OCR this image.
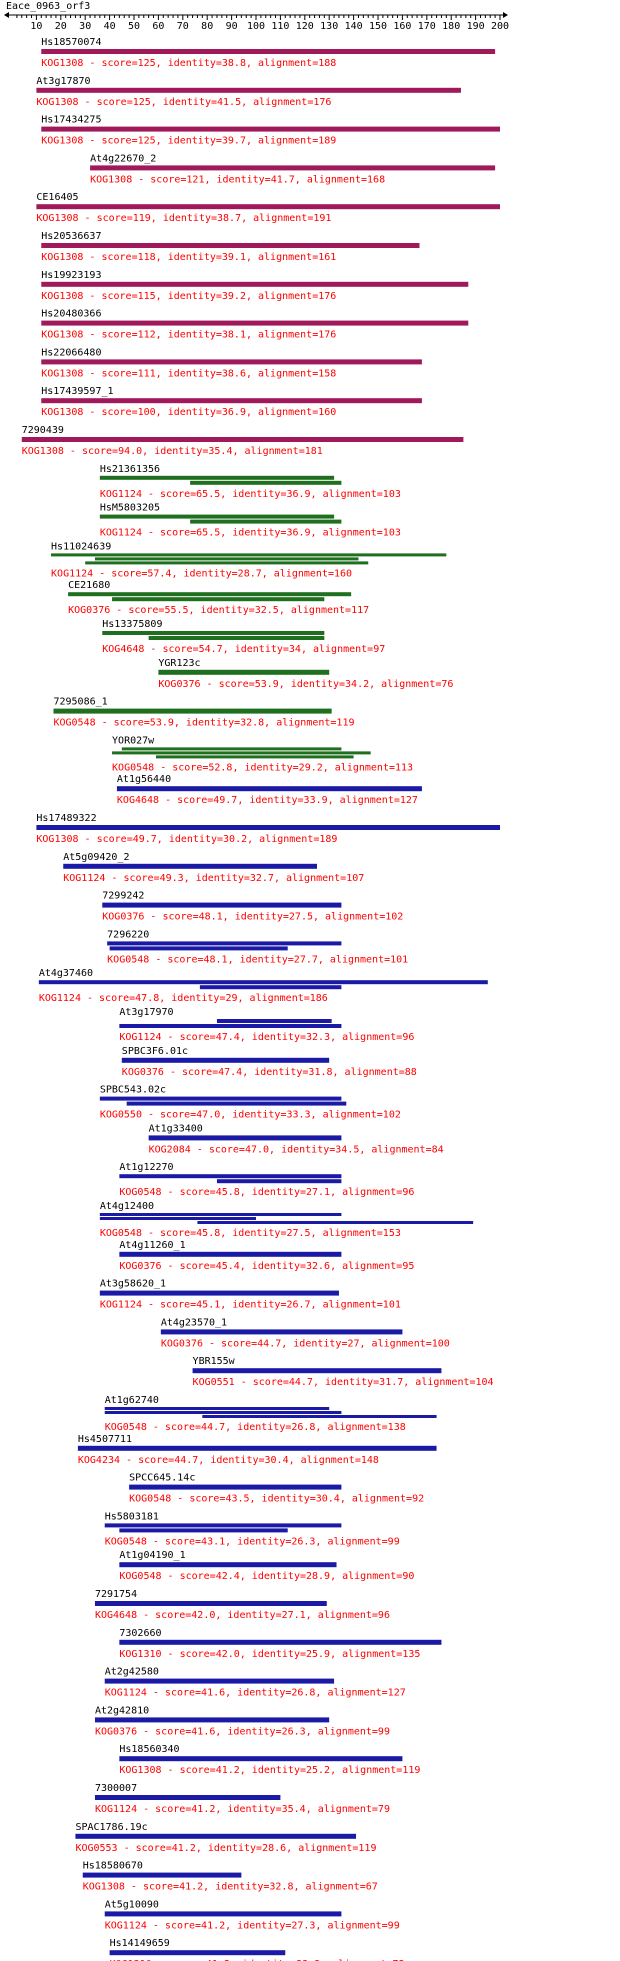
Eace_0963_orf3
10 20 30 40 50 60 70 80 90 100 110 120 130 140 150 160 170 180 190 200
Hs18570074
KOG1308 - score=125, identity=38.8, alignment=188
At3g17870
KOG1308 - score=125, identity=41.5, alignment=176
Hs17434275
KOG1308 - score=125, identity=39.7, alignment=189
At4g22670_2
KOG1308 - score=121, identity=41.7, alignment=168
CE16405
KOG1308 - score=119, identity=38.7, alignment=191
Hs20536637
KOG1308 - score=118, identity=39.1, alignment=161
Hs19923193
KOG1308 - score=115, identity=39.2, alignment=176
Hs20480366
KOG1308 - score=112, identity=38.1, alignment=176
Hs22066480
KOG1308 - score=111, identity=38.6, alignment=158
Hs17439597_1
KOG1308 - score=100, identity=36.9, alignment=160
7290439
KOG1308 - score=94.0, identity=35.4, alignment=181
Hs21361356
KOG1124 - score=65.5, identity=36.9, alignment=103
HsM5803205
KOG1124 - score=65.5, identity=36.9, alignment=103
Hs11024639
KOG1124 - score=57.4, identity=28.7, alignment=160
CE21680
KOG0376 - score=55.5, identity=32.5, alignment=117
Hs13375809
KOG4648 - score=54.7, identity=34, alignment=97
YGR123c
KOG0376 - score=53.9, identity=34.2, alignment=76
7295086_1
KOG0548 - score=53.9, identity=32.8, alignment=119
YOR027w
KOG0548 - score=52.8, identity=29.2, alignment=113
At1g56440
KOG4648 - score=49.7, identity=33.9, alignment=127
Hs17489322
KOG1308 - score=49.7, identity=30.2, alignment=189
At5g09420_2
KOG1124 - score=49.3, identity=32.7, alignment=107
7299242
KOG0376 - score=48.1, identity=27.5, alignment=102
7296220
KOG0548 - score=48.1, identity=27.7, alignment=101
At4g37460
KOG1124 - score=47.8, identity=29, alignment=186
At3g17970
KOG1124 - score=47.4, identity=32.3, alignment=96
SPBC3F6.01c
KOG0376 - score=47.4, identity=31.8, alignment=88
SPBC543.02c
KOG0550 - score=47.0, identity=33.3, alignment=102
At1g33400
KOG2084 - score=47.0, identity=34.5, alignment=84
At1g12270
KOG0548 - score=45.8, identity=27.1, alignment=96
At4g12400
KOG0548 - score=45.8, identity=27.5, alignment=153
At4g11260_1
KOG0376 - score=45.4, identity=32.6, alignment=95
At3g58620_1
KOG1124 - score=45.1, identity=26.7, alignment=101
At4g23570_1
KOG0376 - score=44.7, identity=27, alignment=100
YBR155w
KOG0551 - score=44.7, identity=31.7, alignment=104
At1g62740
KOG0548 - score=44.7, identity=26.8, alignment=138
Hs4507711
KOG4234 - score=44.7, identity=30.4, alignment=148
SPCC645.14c
KOG0548 - score=43.5, identity=30.4, alignment=92
Hs5803181
KOG0548 - score=43.1, identity=26.3, alignment=99
At1g04190_1
KOG0548 - score=42.4, identity=28.9, alignment=90
7291754
KOG4648 - score=42.0, identity=27.1, alignment=96
7302660
KOG1310 - score=42.0, identity=25.9, alignment=135
At2g42580
KOG1124 - score=41.6, identity=26.8, alignment=127
At2g42810
KOG0376 - score=41.6, identity=26.3, alignment=99
Hs18560340
KOG1308 - score=41.2, identity=25.2, alignment=119
7300007
KOG1124 - score=41.2, identity=35.4, alignment=79
SPAC1786.19c
KOG0553 - score=41.2, identity=28.6, alignment=119
Hs18580670
KOG1308 - score=41.2, identity=32.8, alignment=67
At5g10090
KOG1124 - score=41.2, identity=27.3, alignment=99
Hs14149659
